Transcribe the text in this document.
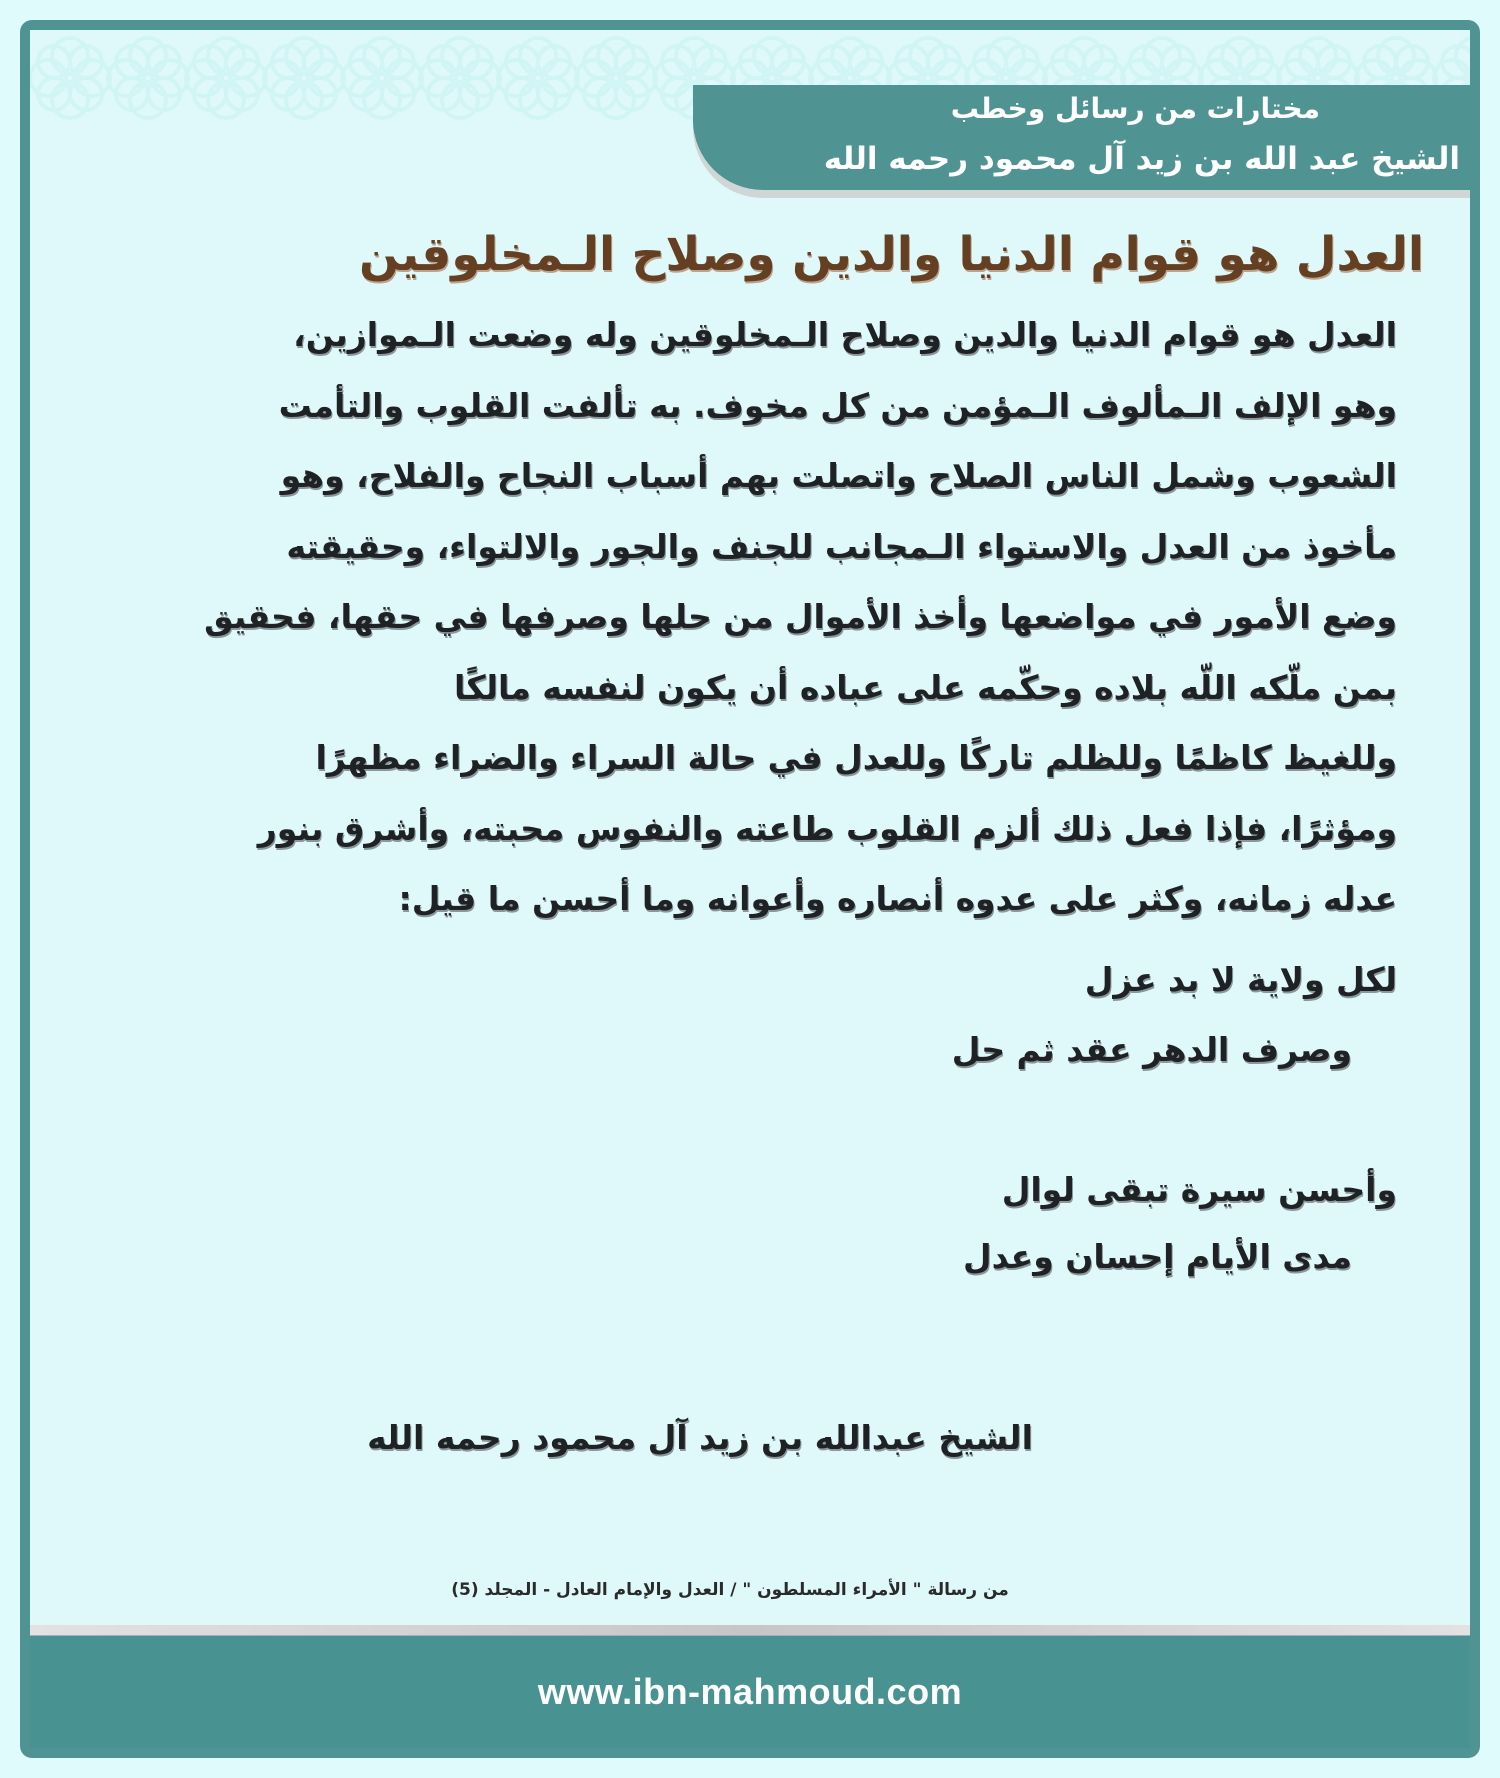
مختارات من رسائل وخطب
الشيخ عبد الله بن زيد آل محمود رحمه الله
العدل هو قوام الدنيا والدين وصلاح الـمخلوقين
العدل هو قوام الدنيا والدين وصلاح الـمخلوقين وله وضعت الـموازين،
وهو الإلف الـمألوف الـمؤمن من كل مخوف. به تألفت القلوب والتأمت
الشعوب وشمل الناس الصلاح واتصلت بهم أسباب النجاح والفلاح، وهو
مأخوذ من العدل والاستواء الـمجانب للجنف والجور والالتواء، وحقيقته
وضع الأمور في مواضعها وأخذ الأموال من حلها وصرفها في حقها، فحقيق
بمن ملّكه اللّه بلاده وحكّمه على عباده أن يكون لنفسه مالكًا
وللغيظ كاظمًا وللظلم تاركًا وللعدل في حالة السراء والضراء مظهرًا
ومؤثرًا، فإذا فعل ذلك ألزم القلوب طاعته والنفوس محبته، وأشرق بنور
عدله زمانه، وكثر على عدوه أنصاره وأعوانه وما أحسن ما قيل:
لكل ولاية لا بد عزل
وصرف الدهر عقد ثم حل
وأحسن سيرة تبقى لوال
مدى الأيام إحسان وعدل
الشيخ عبدالله بن زيد آل محمود رحمه الله
من رسالة " الأمراء المسلطون " / العدل والإمام العادل - المجلد (5)
www.ibn-mahmoud.com
